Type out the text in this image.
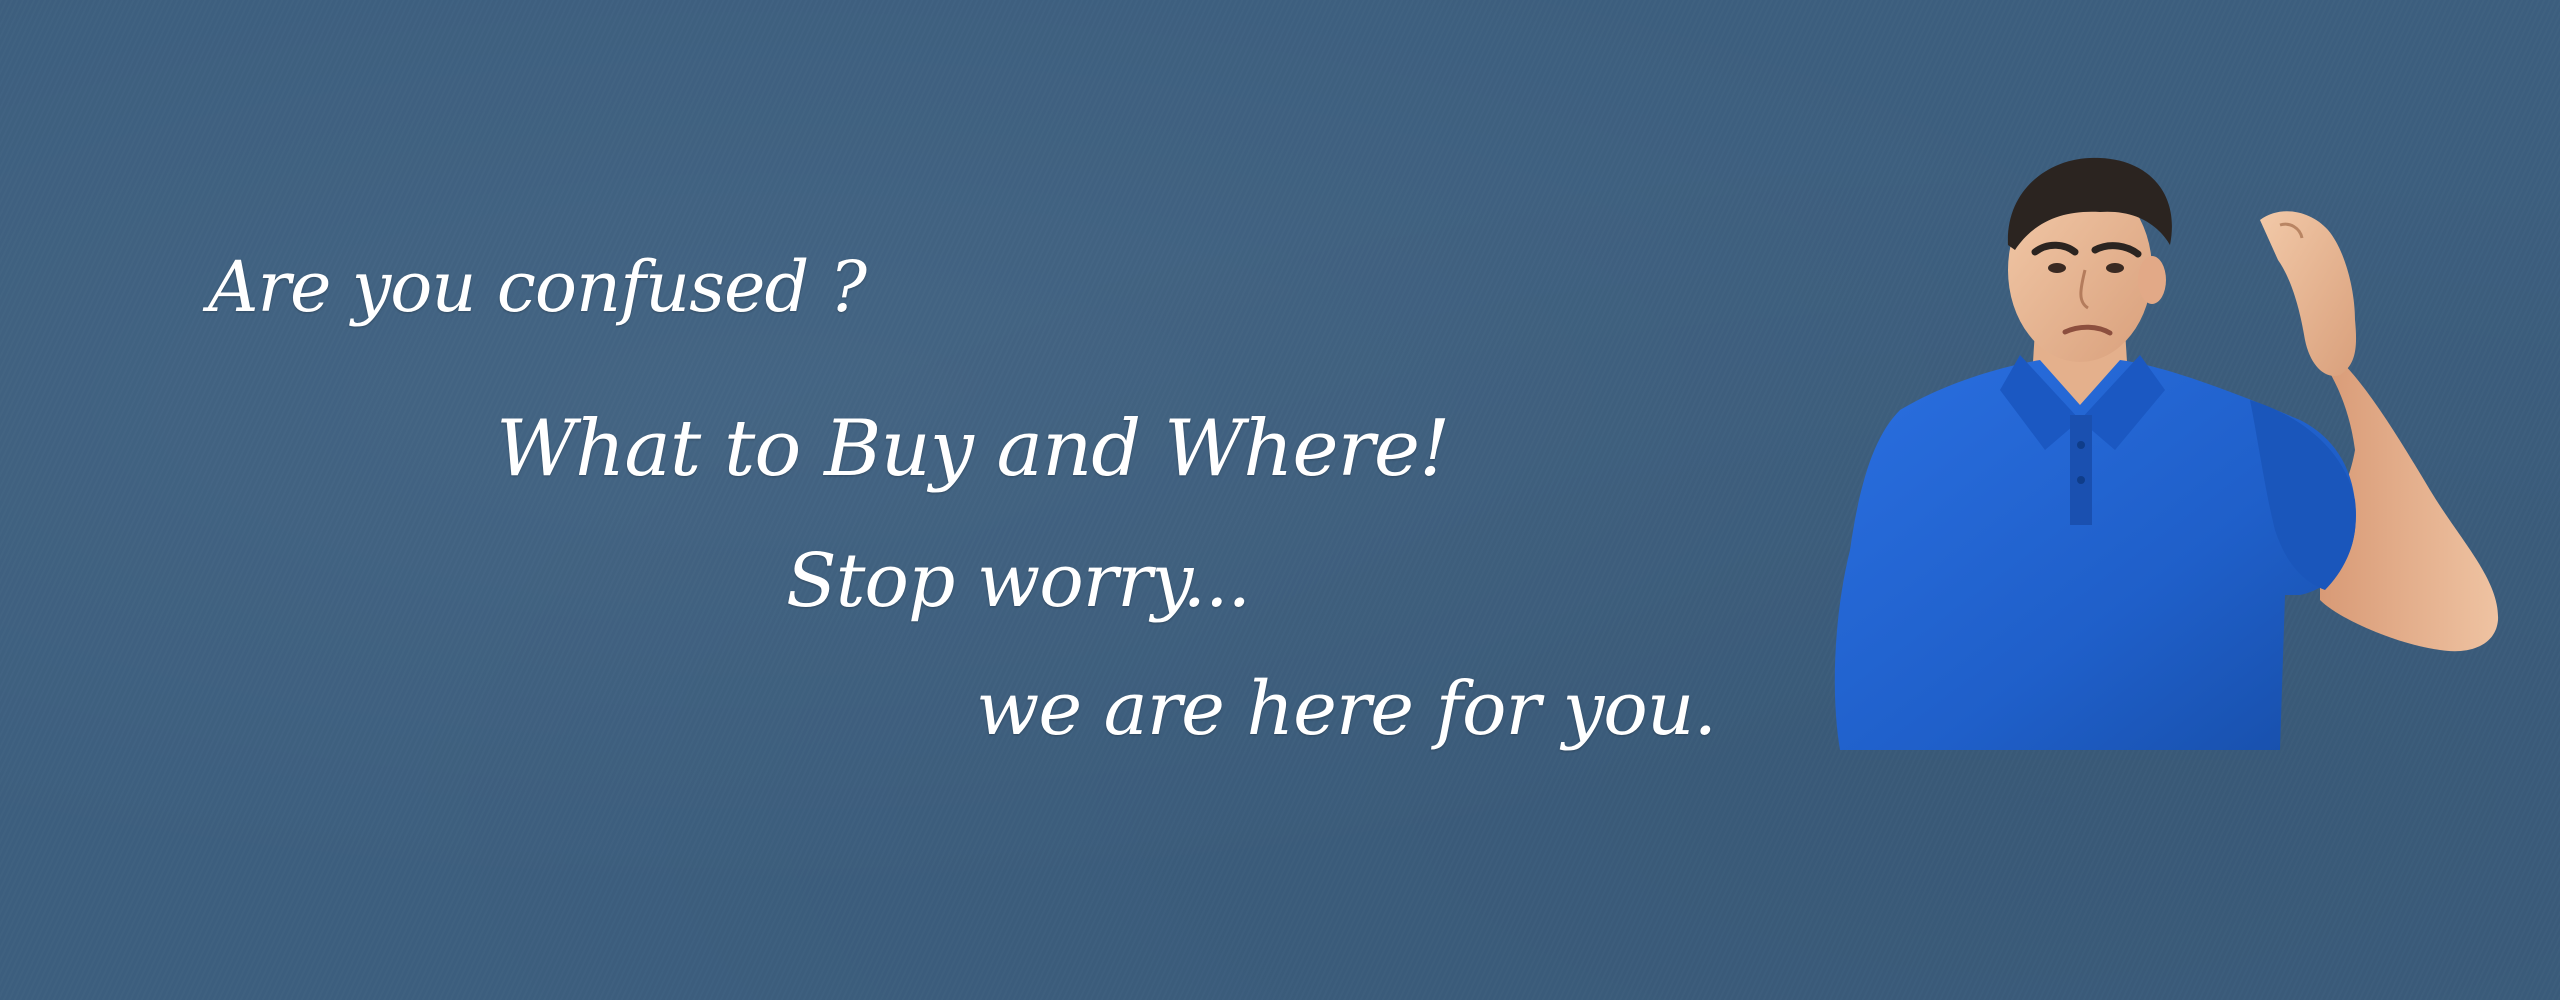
Are you confused ?
What to Buy and Where!
Stop worry...
we are here for you.
